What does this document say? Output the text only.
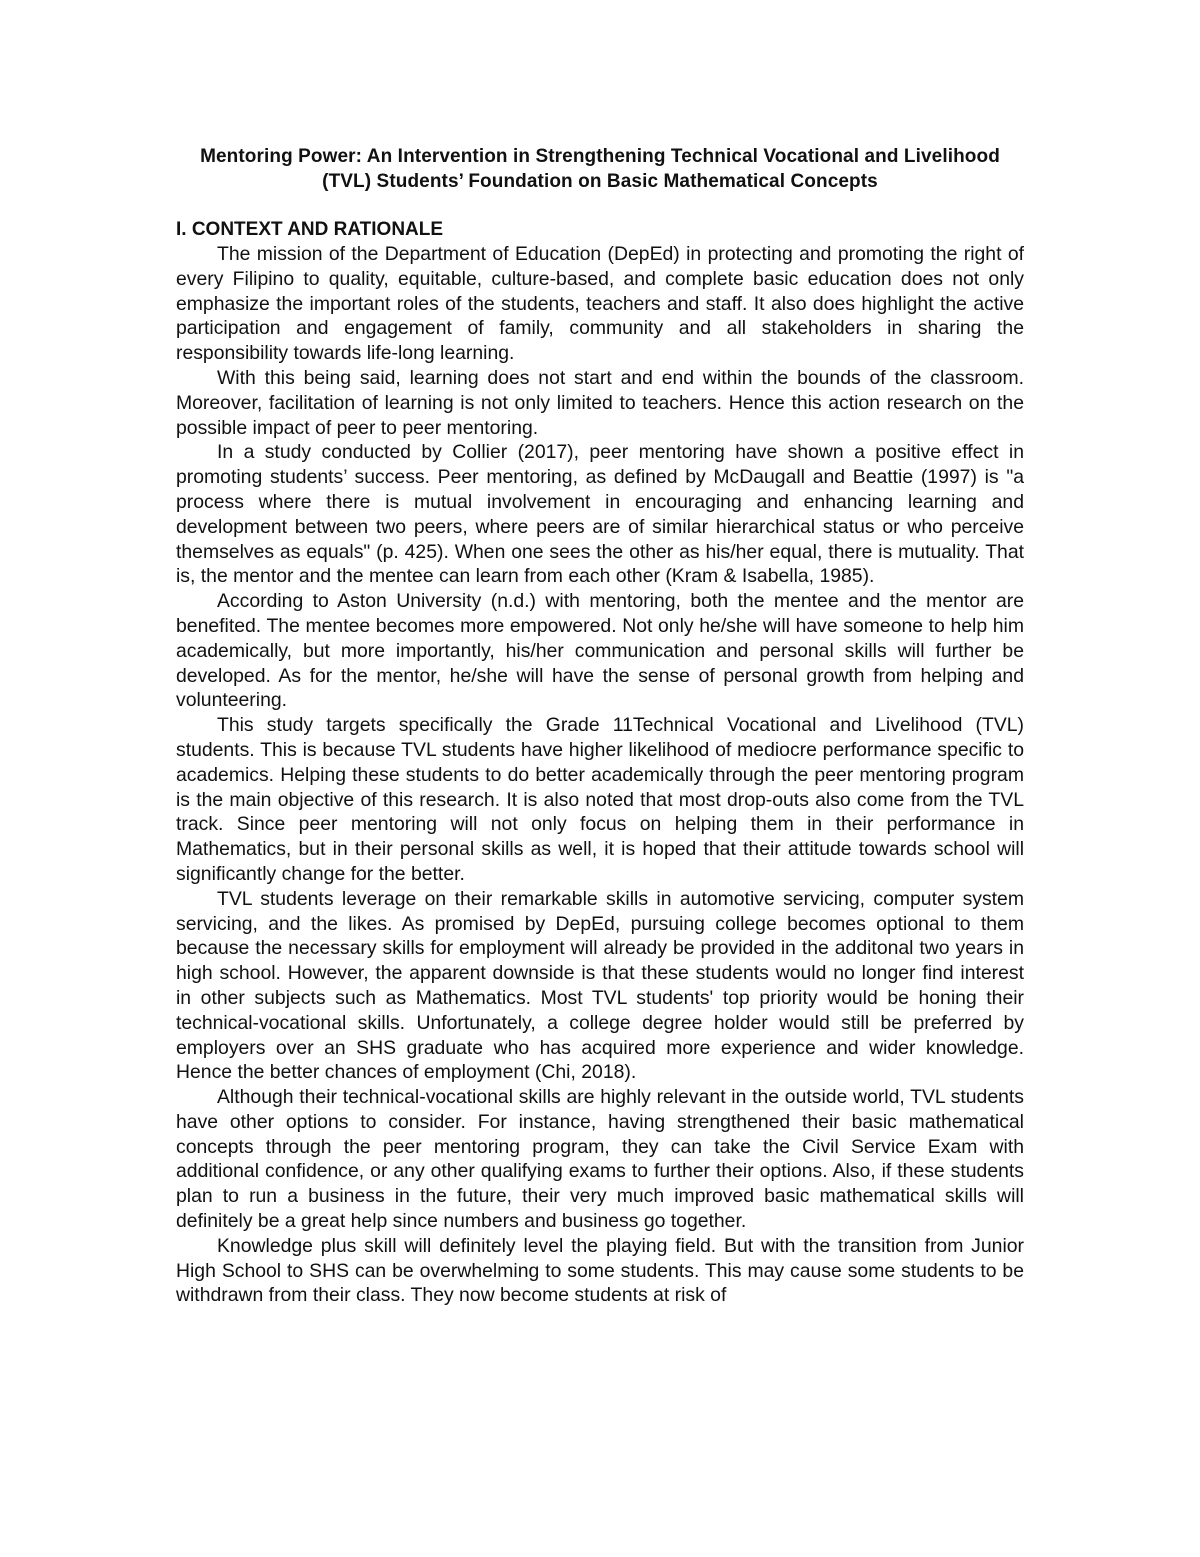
Mentoring Power: An Intervention in Strengthening Technical Vocational and Livelihood (TVL) Students’ Foundation on Basic Mathematical Concepts
I. CONTEXT AND RATIONALE

The mission of the Department of Education (DepEd) in protecting and promoting the right of every Filipino to quality, equitable, culture-based, and complete basic education does not only emphasize the important roles of the students, teachers and staff. It also does highlight the active participation and engagement of family, community and all stakeholders in sharing the responsibility towards life-long learning.

With this being said, learning does not start and end within the bounds of the classroom. Moreover, facilitation of learning is not only limited to teachers. Hence this action research on the possible impact of peer to peer mentoring.

In a study conducted by Collier (2017), peer mentoring have shown a positive effect in promoting students’ success. Peer mentoring, as defined by McDaugall and Beattie (1997) is "a process where there is mutual involvement in encouraging and enhancing learning and development between two peers, where peers are of similar hierarchical status or who perceive themselves as equals" (p. 425). When one sees the other as his/her equal, there is mutuality. That is, the mentor and the mentee can learn from each other (Kram & Isabella, 1985).

According to Aston University (n.d.) with mentoring, both the mentee and the mentor are benefited. The mentee becomes more empowered. Not only he/she will have someone to help him academically, but more importantly, his/her communication and personal skills will further be developed. As for the mentor, he/she will have the sense of personal growth from helping and volunteering.

This study targets specifically the Grade 11Technical Vocational and Livelihood (TVL) students. This is because TVL students have higher likelihood of mediocre performance specific to academics. Helping these students to do better academically through the peer mentoring program is the main objective of this research. It is also noted that most drop-outs also come from the TVL track. Since peer mentoring will not only focus on helping them in their performance in Mathematics, but in their personal skills as well, it is hoped that their attitude towards school will significantly change for the better.

TVL students leverage on their remarkable skills in automotive servicing, computer system servicing, and the likes. As promised by DepEd, pursuing college becomes optional to them because the necessary skills for employment will already be provided in the additonal two years in high school. However, the apparent downside is that these students would no longer find interest in other subjects such as Mathematics. Most TVL students' top priority would be honing their technical-vocational skills. Unfortunately, a college degree holder would still be preferred by employers over an SHS graduate who has acquired more experience and wider knowledge. Hence the better chances of employment (Chi, 2018).

Although their technical-vocational skills are highly relevant in the outside world, TVL students have other options to consider. For instance, having strengthened their basic mathematical concepts through the peer mentoring program, they can take the Civil Service Exam with additional confidence, or any other qualifying exams to further their options. Also, if these students plan to run a business in the future, their very much improved basic mathematical skills will definitely be a great help since numbers and business go together.

Knowledge plus skill will definitely level the playing field. But with the transition from Junior High School to SHS can be overwhelming to some students. This may cause some students to be withdrawn from their class. They now become students at risk of
